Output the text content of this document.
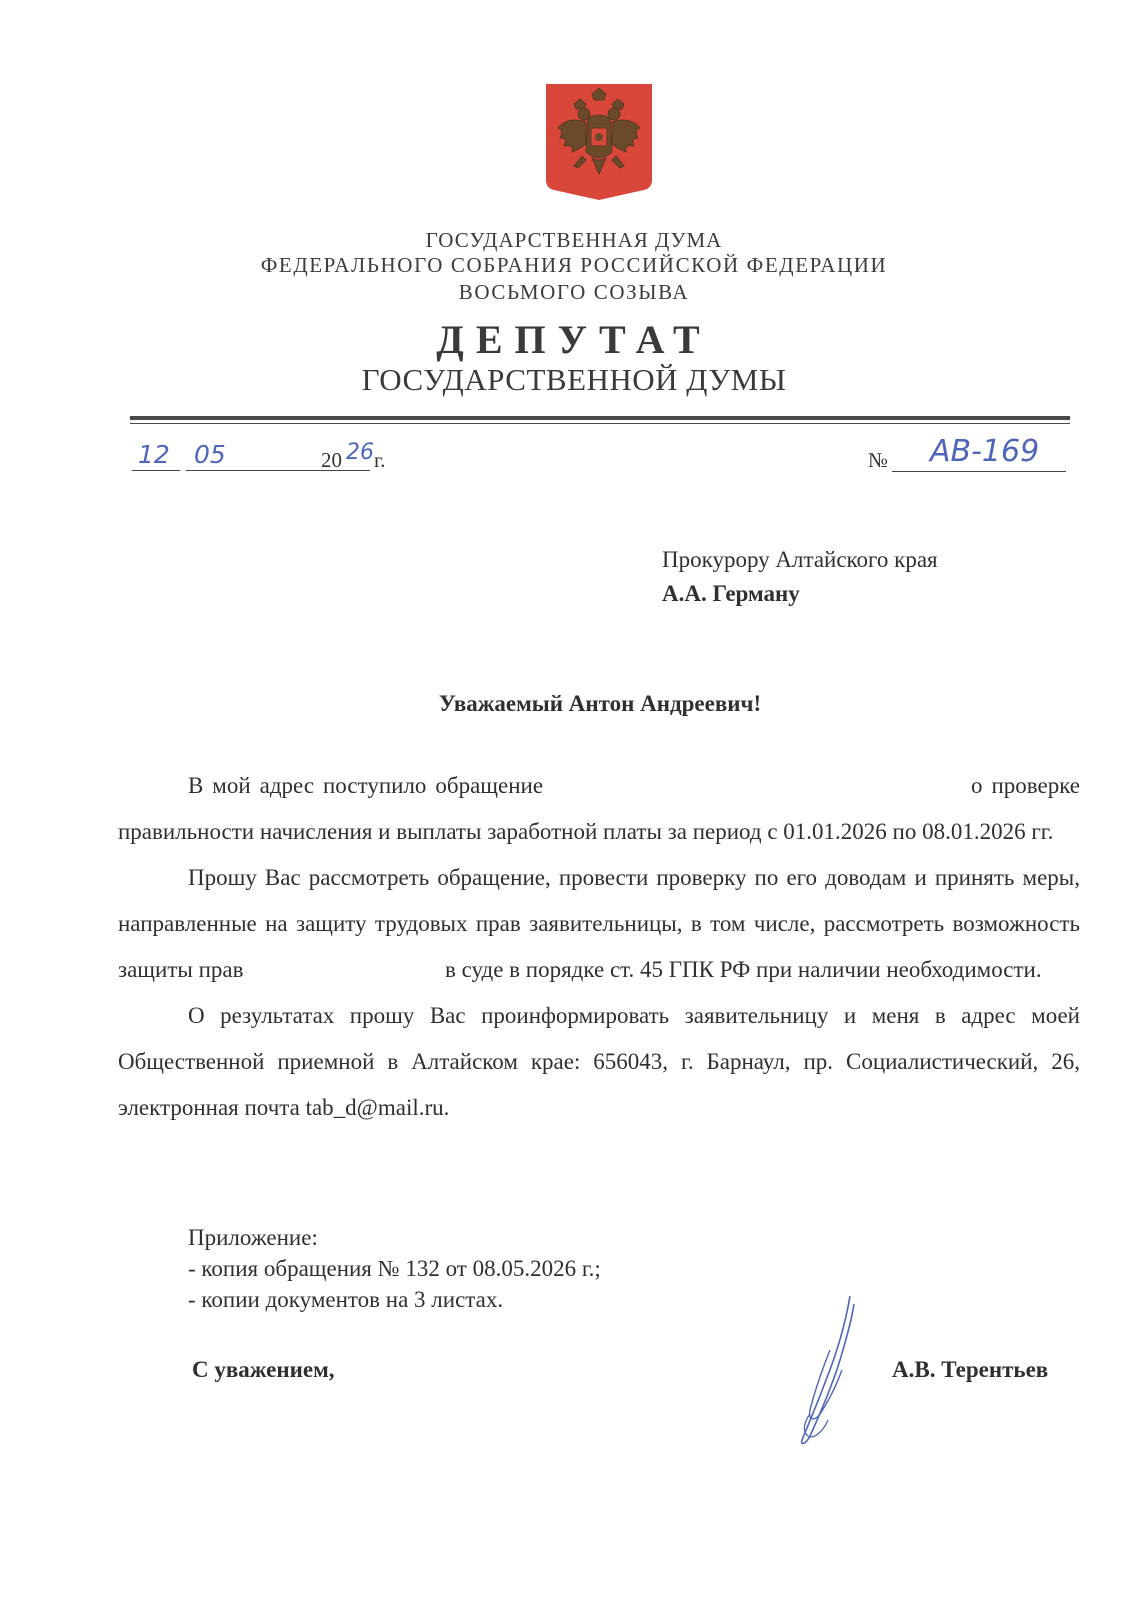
ГОСУДАРСТВЕННАЯ ДУМА
ФЕДЕРАЛЬНОГО СОБРАНИЯ РОССИЙСКОЙ ФЕДЕРАЦИИ
ВОСЬМОГО СОЗЫВА
ДЕПУТАТ
ГОСУДАРСТВЕННОЙ ДУМЫ
12 05	20 26 г.	№ АВ-169
Прокурору Алтайского края
А.А. Герману
Уважаемый Антон Андреевич!

В мой адрес поступило обращение	о проверке правильности начисления и выплаты заработной платы за период с 01.01.2026 по 08.01.2026 гг.

Прошу Вас рассмотреть обращение, провести проверку по его доводам и принять меры, направленные на защиту трудовых прав заявительницы, в том числе, рассмотреть возможность защиты прав	в суде в порядке ст. 45 ГПК РФ при наличии необходимости.

О результатах прошу Вас проинформировать заявительницу и меня в адрес моей Общественной приемной в Алтайском крае: 656043, г. Барнаул, пр. Социалистический, 26, электронная почта tab_d@mail.ru.

Приложение:
- копия обращения № 132 от 08.05.2026 г.;
- копии документов на 3 листах.
С уважением,	А.В. Терентьев
